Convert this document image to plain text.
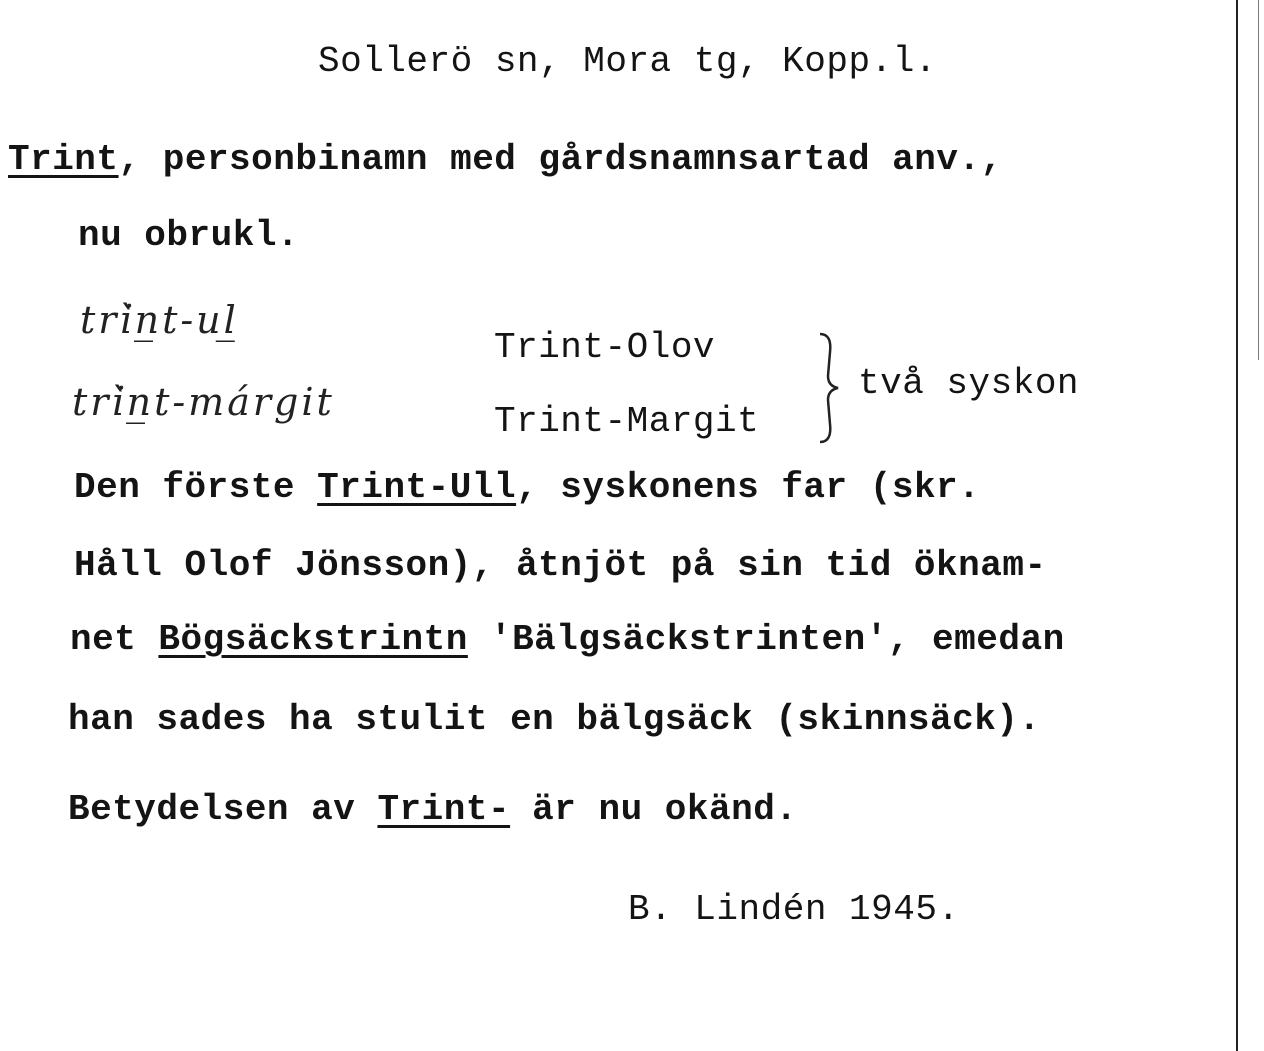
Sollerö sn, Mora tg, Kopp.l.
Trint, personbinamn med gårdsnamnsartad anv.,
nu obrukl.
tri̇̀n̲t-ul̲
tri̇̀n̲t-márgit
Trint-Olov
Trint-Margit
två syskon
Den förste Trint-Ull, syskonens far (skr.
Håll Olof Jönsson), åtnjöt på sin tid öknam-
net Bögsäckstrintn 'Bälgsäckstrinten', emedan
han sades ha stulit en bälgsäck (skinnsäck).
Betydelsen av Trint- är nu okänd.
B. Lindén 1945.
